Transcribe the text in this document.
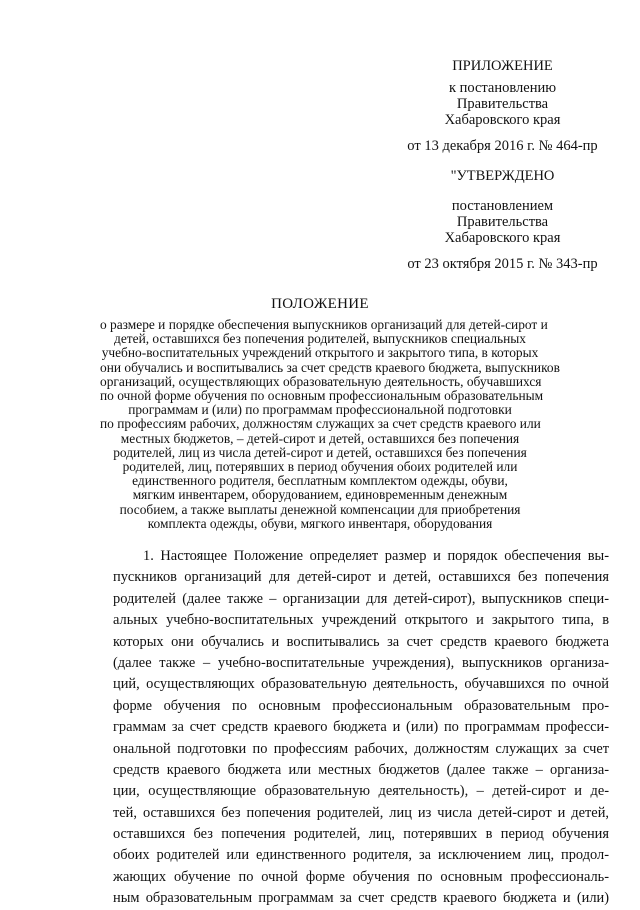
ПРИЛОЖЕНИЕ
к постановлению
Правительства
Хабаровского края
от 13 декабря 2016 г. № 464-пр
"УТВЕРЖДЕНО
постановлением
Правительства
Хабаровского края
от 23 октября 2015 г. № 343-пр
ПОЛОЖЕНИЕ
о размере и порядке обеспечения выпускников организаций для детей-сирот и
детей, оставшихся без попечения родителей, выпускников специальных
учебно-воспитательных учреждений открытого и закрытого типа, в которых
они обучались и воспитывались за счет средств краевого бюджета, выпускников
организаций, осуществляющих образовательную деятельность, обучавшихся
по очной форме обучения по основным профессиональным образовательным
программам и (или) по программам профессиональной подготовки
по профессиям рабочих, должностям служащих за счет средств краевого или
местных бюджетов, – детей-сирот и детей, оставшихся без попечения
родителей, лиц из числа детей-сирот и детей, оставшихся без попечения
родителей, лиц, потерявших в период обучения обоих родителей или
единственного родителя, бесплатным комплектом одежды, обуви,
мягким инвентарем, оборудованием, единовременным денежным
пособием, а также выплаты денежной компенсации для приобретения
комплекта одежды, обуви, мягкого инвентаря, оборудования
1. Настоящее Положение определяет размер и порядок обеспечения вы-
пускников организаций для детей-сирот и детей, оставшихся без попечения
родителей (далее также – организации для детей-сирот), выпускников специ-
альных учебно-воспитательных учреждений открытого и закрытого типа, в
которых они обучались и воспитывались за счет средств краевого бюджета
(далее также – учебно-воспитательные учреждения), выпускников организа-
ций, осуществляющих образовательную деятельность, обучавшихся по очной
форме обучения по основным профессиональным образовательным про-
граммам за счет средств краевого бюджета и (или) по программам професси-
ональной подготовки по профессиям рабочих, должностям служащих за счет
средств краевого бюджета или местных бюджетов (далее также – организа-
ции, осуществляющие образовательную деятельность), – детей-сирот и де-
тей, оставшихся без попечения родителей, лиц из числа детей-сирот и детей,
оставшихся без попечения родителей, лиц, потерявших в период обучения
обоих родителей или единственного родителя, за исключением лиц, продол-
жающих обучение по очной форме обучения по основным профессиональ-
ным образовательным программам за счет средств краевого бюджета и (или)
